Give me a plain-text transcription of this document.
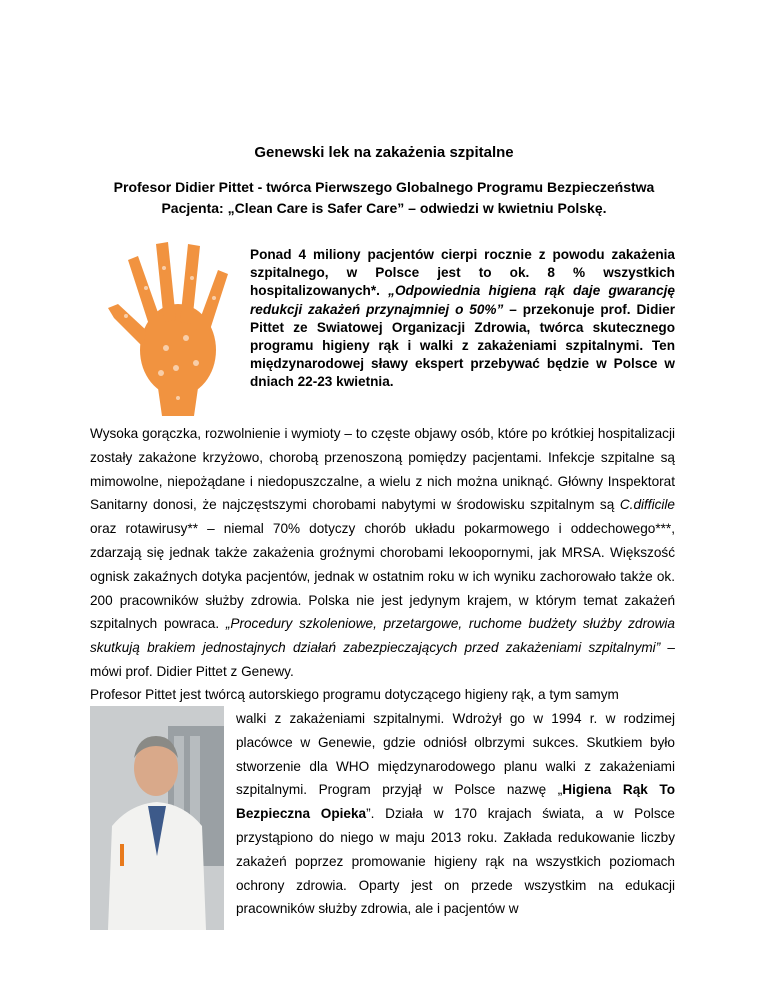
Genewski lek na zakażenia szpitalne
Profesor Didier Pittet - twórca Pierwszego Globalnego Programu Bezpieczeństwa Pacjenta: „Clean Care is Safer Care” – odwiedzi w kwietniu Polskę.
Ponad 4 miliony pacjentów cierpi rocznie z powodu zakażenia szpitalnego, w Polsce jest to ok. 8 % wszystkich hospitalizowanych*. „Odpowiednia higiena rąk daje gwarancję redukcji zakażeń przynajmniej o 50%” – przekonuje prof. Didier Pittet ze Swiatowej Organizacji Zdrowia, twórca skutecznego programu higieny rąk i walki z zakażeniami szpitalnymi. Ten międzynarodowej sławy ekspert przebywać będzie w Polsce w dniach 22-23 kwietnia.

Wysoka gorączka, rozwolnienie i wymioty – to częste objawy osób, które po krótkiej hospitalizacji zostały zakażone krzyżowo, chorobą przenoszoną pomiędzy pacjentami. Infekcje szpitalne są mimowolne, niepożądane i niedopuszczalne, a wielu z nich można uniknąć. Główny Inspektorat Sanitarny donosi, że najczęstszymi chorobami nabytymi w środowisku szpitalnym są C.difficile oraz rotawirusy** – niemal 70% dotyczy chorób układu pokarmowego i oddechowego***, zdarzają się jednak także zakażenia groźnymi chorobami lekoopornymi, jak MRSA. Większość ognisk zakaźnych dotyka pacjentów, jednak w ostatnim roku w ich wyniku zachorowało także ok. 200 pracowników służby zdrowia. Polska nie jest jedynym krajem, w którym temat zakażeń szpitalnych powraca. „Procedury szkoleniowe, przetargowe, ruchome budżety służby zdrowia skutkują brakiem jednostajnych działań zabezpieczających przed zakażeniami szpitalnymi” – mówi prof. Didier Pittet z Genewy.

Profesor Pittet jest twórcą autorskiego programu dotyczącego higieny rąk, a tym samym

walki z zakażeniami szpitalnymi. Wdrożył go w 1994 r. w rodzimej placówce w Genewie, gdzie odniósł olbrzymi sukces. Skutkiem było stworzenie dla WHO międzynarodowego planu walki z zakażeniami szpitalnymi. Program przyjął w Polsce nazwę „Higiena Rąk To Bezpieczna Opieka”. Działa w 170 krajach świata, a w Polsce przystąpiono do niego w maju 2013 roku. Zakłada redukowanie liczby zakażeń poprzez promowanie higieny rąk na wszystkich poziomach ochrony zdrowia. Oparty jest on przede wszystkim na edukacji pracowników służby zdrowia, ale i pacjentów w
